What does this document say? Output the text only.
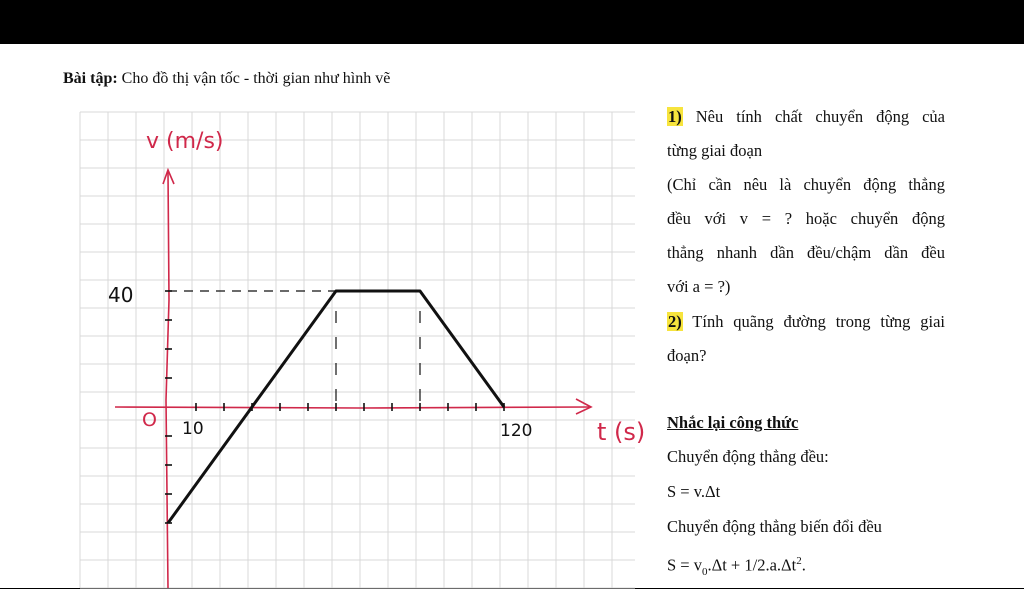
Bài tập: Cho đồ thị vận tốc - thời gian như hình vẽ
v (m/s)
t (s)
O
40
10	120
1) Nêu tính chất chuyển động của
từng giai đoạn
(Chỉ cần nêu là chuyển động thẳng
đều với v = ? hoặc chuyển động
thẳng nhanh dần đều/chậm dần đều
với a = ?)
2) Tính quãng đường trong từng giai
đoạn?
Nhắc lại công thức
Chuyển động thẳng đều:
S = v.Δt
Chuyển động thẳng biến đổi đều
$S = v_0.\Delta t + 1/2.a.\Delta t^2$.
